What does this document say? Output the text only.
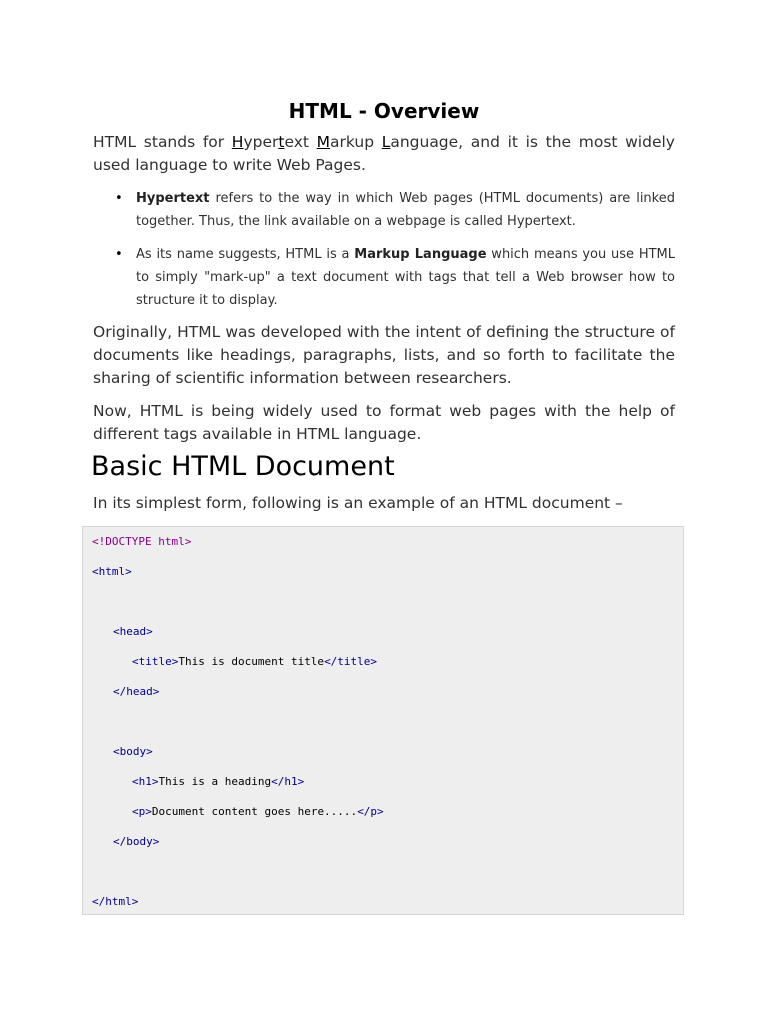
HTML - Overview

HTML stands for Hypertext Markup Language, and it is the most widely used language to write Web Pages.

• Hypertext refers to the way in which Web pages (HTML documents) are linked together. Thus, the link available on a webpage is called Hypertext.
• As its name suggests, HTML is a Markup Language which means you use HTML to simply "mark-up" a text document with tags that tell a Web browser how to structure it to display.

Originally, HTML was developed with the intent of defining the structure of documents like headings, paragraphs, lists, and so forth to facilitate the sharing of scientific information between researchers.

Now, HTML is being widely used to format web pages with the help of different tags available in HTML language.

Basic HTML Document

In its simplest form, following is an example of an HTML document –

<!DOCTYPE html>
<html>
<head>
<title>This is document title</title>
</head>
<body>
<h1>This is a heading</h1>
<p>Document content goes here.....</p>
</body>
</html>
